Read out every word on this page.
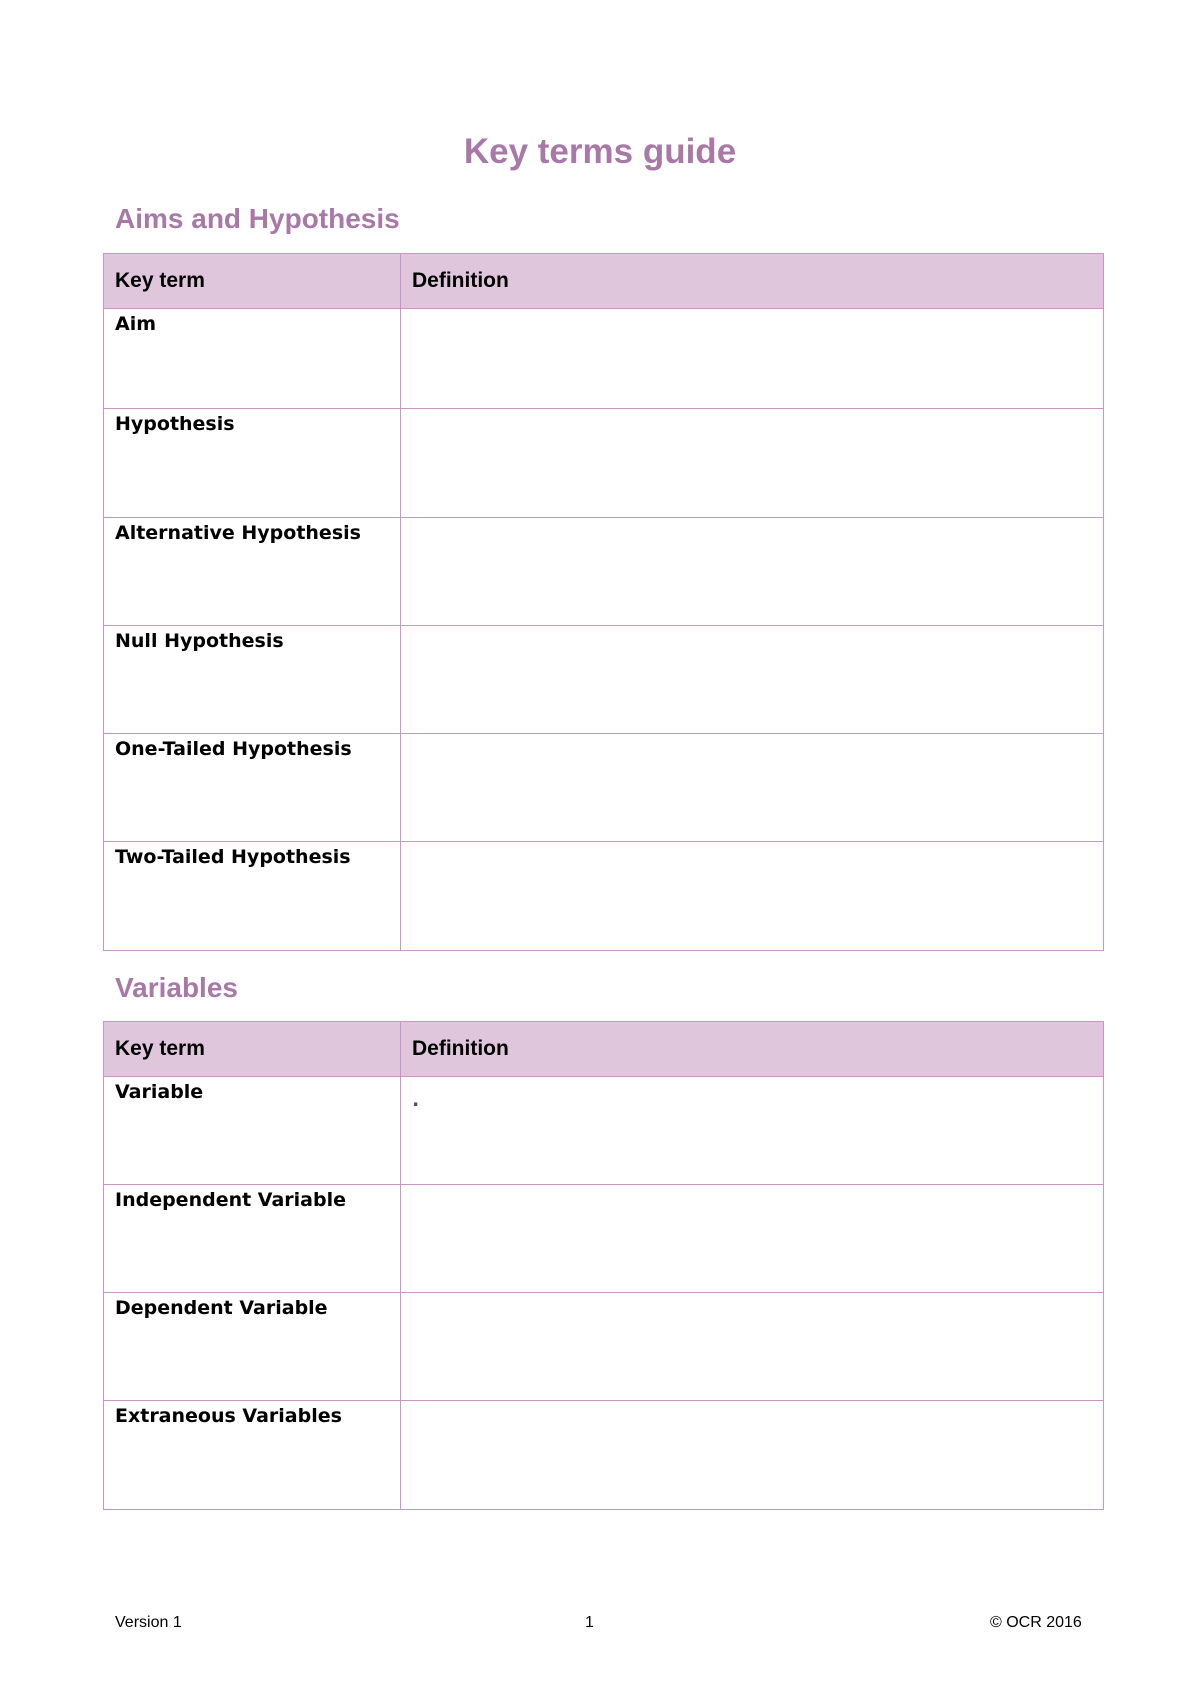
Key terms guide
Aims and Hypothesis
Key term	Definition
Aim	
Hypothesis	
Alternative Hypothesis	
Null Hypothesis	
One-Tailed Hypothesis	
Two-Tailed Hypothesis	
Variables
Key term	Definition
Variable	.
Independent Variable	
Dependent Variable	
Extraneous Variables	
Version 1	1	© OCR 2016
